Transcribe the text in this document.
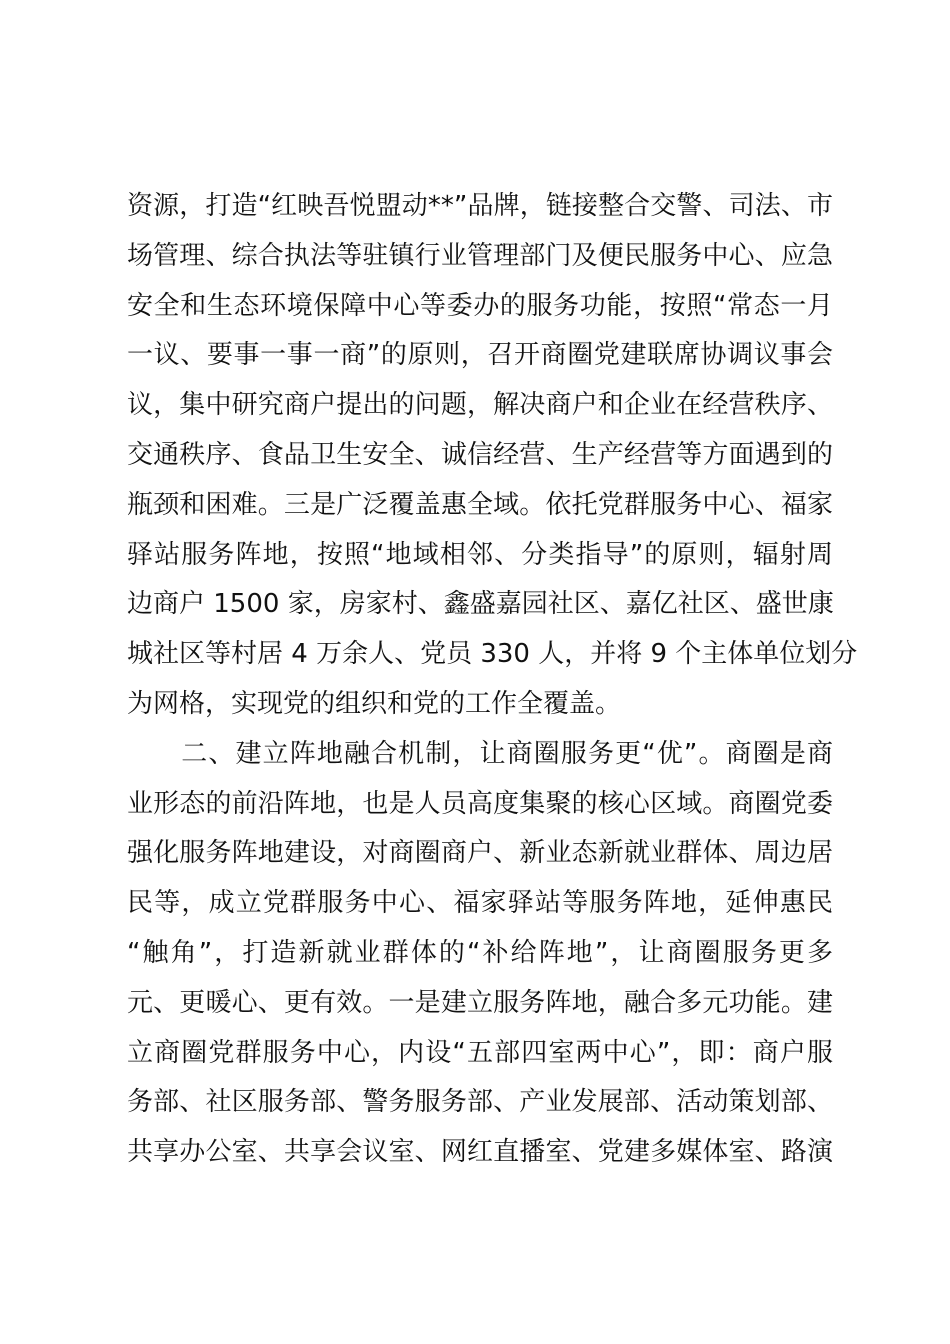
资源，打造“红映吾悦盟动**”品牌，链接整合交警、司法、市
场管理、综合执法等驻镇行业管理部门及便民服务中心、应急
安全和生态环境保障中心等委办的服务功能，按照“常态一月
一议、要事一事一商”的原则，召开商圈党建联席协调议事会
议，集中研究商户提出的问题，解决商户和企业在经营秩序、
交通秩序、食品卫生安全、诚信经营、生产经营等方面遇到的
瓶颈和困难。三是广泛覆盖惠全域。依托党群服务中心、福家
驿站服务阵地，按照“地域相邻、分类指导”的原则，辐射周
边商户 1500 家，房家村、鑫盛嘉园社区、嘉亿社区、盛世康
城社区等村居 4 万余人、党员 330 人，并将 9 个主体单位划分
为网格，实现党的组织和党的工作全覆盖。
　　二、建立阵地融合机制，让商圈服务更“优”。商圈是商
业形态的前沿阵地，也是人员高度集聚的核心区域。商圈党委
强化服务阵地建设，对商圈商户、新业态新就业群体、周边居
民等，成立党群服务中心、福家驿站等服务阵地，延伸惠民
“触角”，打造新就业群体的“补给阵地”，让商圈服务更多
元、更暖心、更有效。一是建立服务阵地，融合多元功能。建
立商圈党群服务中心，内设“五部四室两中心”，即：商户服
务部、社区服务部、警务服务部、产业发展部、活动策划部、
共享办公室、共享会议室、网红直播室、党建多媒体室、路演
